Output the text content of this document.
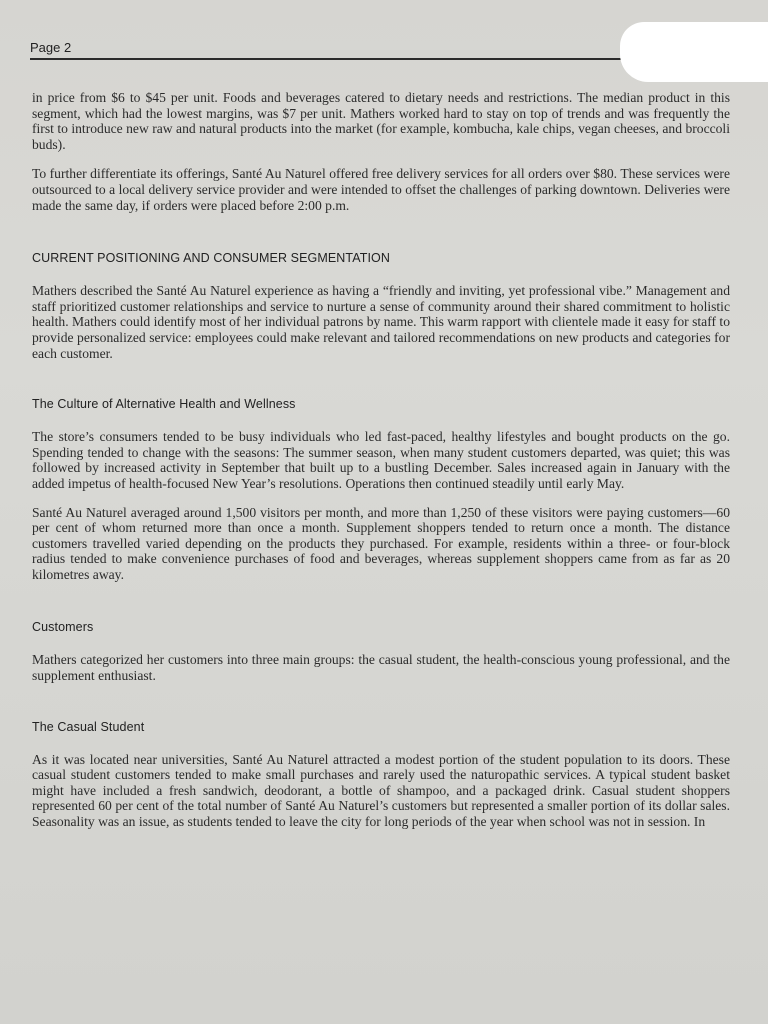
Page 2

in price from $6 to $45 per unit. Foods and beverages catered to dietary needs and restrictions. The median product in this segment, which had the lowest margins, was $7 per unit. Mathers worked hard to stay on top of trends and was frequently the first to introduce new raw and natural products into the market (for example, kombucha, kale chips, vegan cheeses, and broccoli buds).

To further differentiate its offerings, Santé Au Naturel offered free delivery services for all orders over $80. These services were outsourced to a local delivery service provider and were intended to offset the challenges of parking downtown. Deliveries were made the same day, if orders were placed before 2:00 p.m.

CURRENT POSITIONING AND CONSUMER SEGMENTATION

Mathers described the Santé Au Naturel experience as having a “friendly and inviting, yet professional vibe.” Management and staff prioritized customer relationships and service to nurture a sense of community around their shared commitment to holistic health. Mathers could identify most of her individual patrons by name. This warm rapport with clientele made it easy for staff to provide personalized service: employees could make relevant and tailored recommendations on new products and categories for each customer.

The Culture of Alternative Health and Wellness

The store’s consumers tended to be busy individuals who led fast-paced, healthy lifestyles and bought products on the go. Spending tended to change with the seasons: The summer season, when many student customers departed, was quiet; this was followed by increased activity in September that built up to a bustling December. Sales increased again in January with the added impetus of health-focused New Year’s resolutions. Operations then continued steadily until early May.

Santé Au Naturel averaged around 1,500 visitors per month, and more than 1,250 of these visitors were paying customers—60 per cent of whom returned more than once a month. Supplement shoppers tended to return once a month. The distance customers travelled varied depending on the products they purchased. For example, residents within a three- or four-block radius tended to make convenience purchases of food and beverages, whereas supplement shoppers came from as far as 20 kilometres away.

Customers

Mathers categorized her customers into three main groups: the casual student, the health-conscious young professional, and the supplement enthusiast.

The Casual Student

As it was located near universities, Santé Au Naturel attracted a modest portion of the student population to its doors. These casual student customers tended to make small purchases and rarely used the naturopathic services. A typical student basket might have included a fresh sandwich, deodorant, a bottle of shampoo, and a packaged drink. Casual student shoppers represented 60 per cent of the total number of Santé Au Naturel’s customers but represented a smaller portion of its dollar sales. Seasonality was an issue, as students tended to leave the city for long periods of the year when school was not in session. In
